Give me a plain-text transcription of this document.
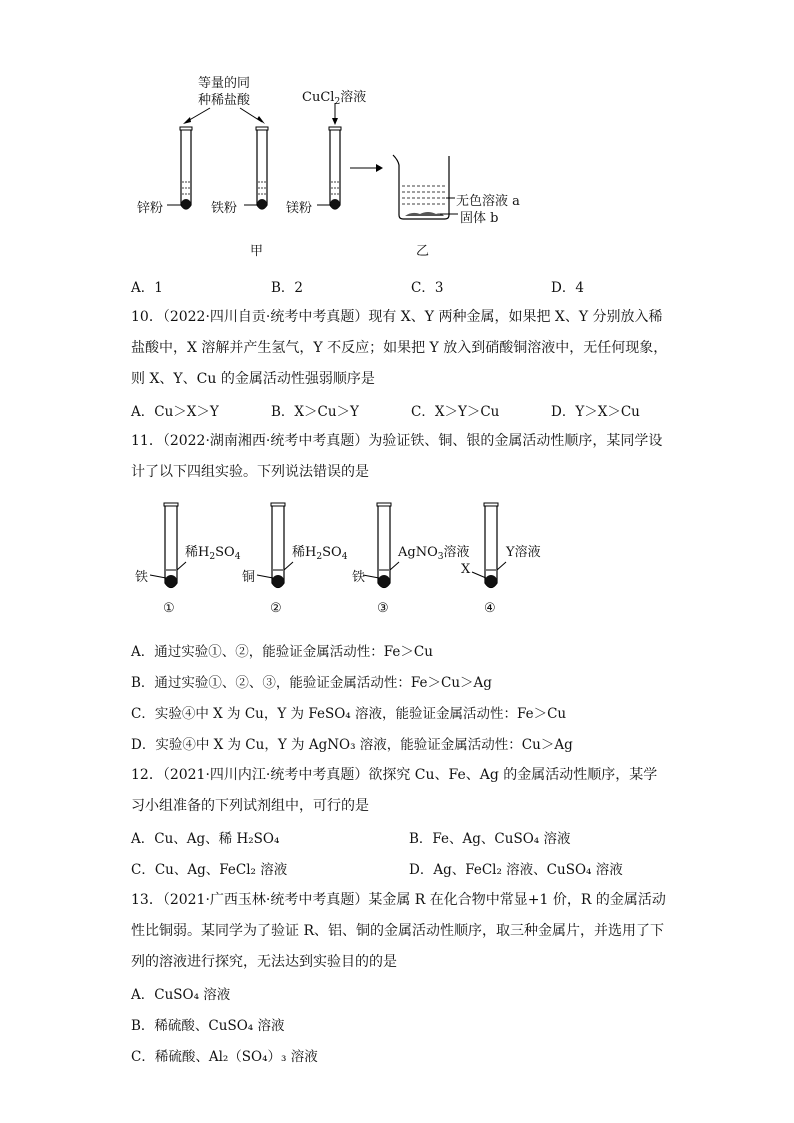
等量的同
种稀盐酸	CuCl$_2$溶液
锌粉	铁粉	镁粉	无色溶液 a
固体 b
甲	乙
A．1	B．2	C．3	D．4
10．（2022·四川自贡·统考中考真题）现有 X、Y 两种金属，如果把 X、Y 分别放入稀盐酸中，X 溶解并产生氢气，Y 不反应；如果把 Y 放入到硝酸铜溶液中，无任何现象，则 X、Y、Cu 的金属活动性强弱顺序是
A．Cu＞X＞Y	B．X＞Cu＞Y	C．X＞Y＞Cu	D．Y＞X＞Cu
11．（2022·湖南湘西·统考中考真题）为验证铁、铜、银的金属活动性顺序，某同学设计了以下四组实验。下列说法错误的是
稀$H_2SO_4$
铁
①
稀$H_2SO_4$
铜
②
AgNO$_3$溶液
铁
③
Y溶液
X
④
A．通过实验①、②，能验证金属活动性：Fe＞Cu
B．通过实验①、②、③，能验证金属活动性：Fe＞Cu＞Ag
C．实验④中 X 为 Cu，Y 为 FeSO₄ 溶液，能验证金属活动性：Fe＞Cu
D．实验④中 X 为 Cu，Y 为 AgNO₃ 溶液，能验证金属活动性：Cu＞Ag
12．（2021·四川内江·统考中考真题）欲探究 Cu、Fe、Ag 的金属活动性顺序，某学习小组准备的下列试剂组中，可行的是
A．Cu、Ag、稀 H₂SO₄	B．Fe、Ag、CuSO₄ 溶液
C．Cu、Ag、FeCl₂ 溶液	D．Ag、FeCl₂ 溶液、CuSO₄ 溶液
13．（2021·广西玉林·统考中考真题）某金属 R 在化合物中常显+1 价，R 的金属活动性比铜弱。某同学为了验证 R、铝、铜的金属活动性顺序，取三种金属片，并选用了下列的溶液进行探究，无法达到实验目的的是
A．CuSO₄ 溶液
B．稀硫酸、CuSO₄ 溶液
C．稀硫酸、Al₂（SO₄）₃ 溶液
